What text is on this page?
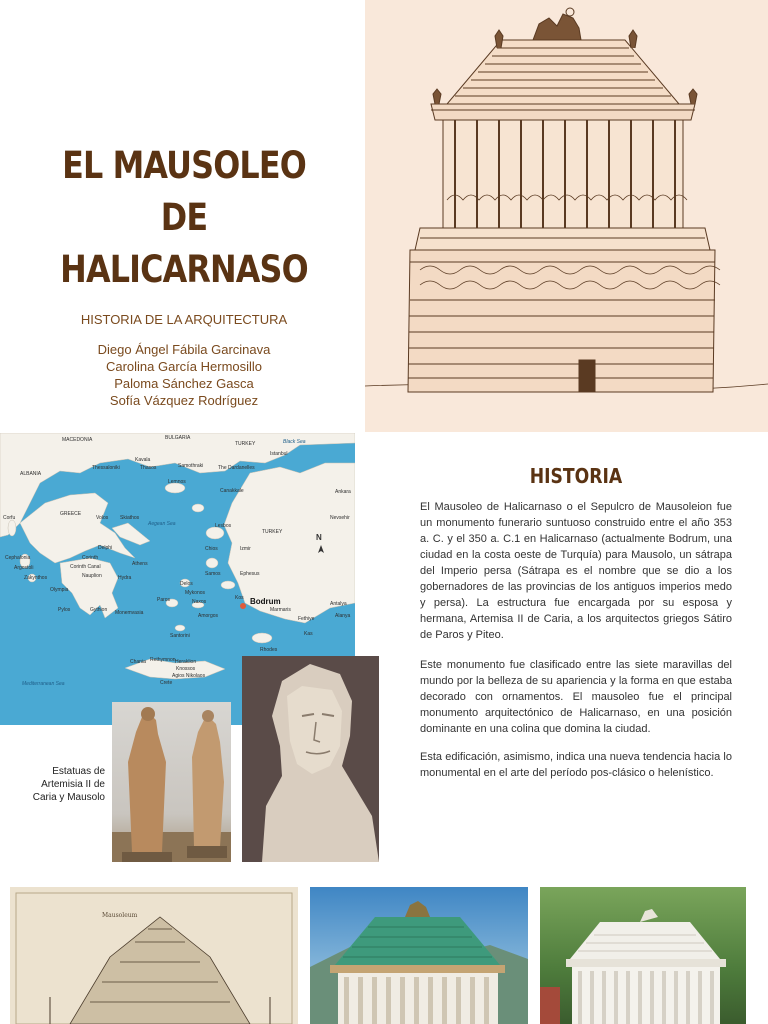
EL MAUSOLEO DE
HALICARNASO
HISTORIA DE LA ARQUITECTURA
Diego Ángel Fábila Garcinava
Carolina García Hermosillo
Paloma Sánchez Gasca
Sofía Vázquez Rodríguez
MACEDONIA	BULGARIA
TURKEY	Black Sea
ALBANIA
Thessaloniki
Kavala
Thasos	Samothraki	The Dardanelles
Istanbul
Lemnos
Canakkale	Ankara
GREECE
Corfu	Volos Skiathos
Aegean Sea	Lesbos
TURKEY
Nevsehir
Delphi	Chios	Izmir
Cephalonia	Corinth
Argostoli	Corinth Canal	Athens
Zakynthos	Nauplion	Hydra
Samos	Ephesus
Olympia
Delos
Mykonos
Kos Bodrum
Pylos	Gythion Monemvasia
Naxos
Paros
Marmaris
Fethiye
Antalya
Alanya
Santorini
Rhodes
Kas
Amorgos
Chania Rethymnon Heraklion
Agios Nikolaos
Knossos
Crete
Mediterranean Sea
N
Estatuas de Artemisia II de Caria y Mausolo
HISTORIA

El Mausoleo de Halicarnaso o el Sepulcro de Mausoleion fue un monumento funerario suntuoso construido entre el año 353 a. C. y el 350 a. C.1 en Halicarnaso (actualmente Bodrum, una ciudad en la costa oeste de Turquía) para Mausolo, un sátrapa del Imperio persa (Sátrapa es el nombre que se dio a los gobernadores de las provincias de los antiguos imperios medo y persa). La estructura fue encargada por su esposa y hermana, Artemisa II de Caria, a los arquitectos griegos Sátiro de Paros y Piteo.

Este monumento fue clasificado entre las siete maravillas del mundo por la belleza de su apariencia y la forma en que estaba decorado con ornamentos. El mausoleo fue el principal monumento arquitectónico de Halicarnaso, en una posición dominante en una colina que domina la ciudad.

Esta edificación, asimismo, indica una nueva tendencia hacia lo monumental en el arte del período pos-clásico o helenístico.

Mausoleum
